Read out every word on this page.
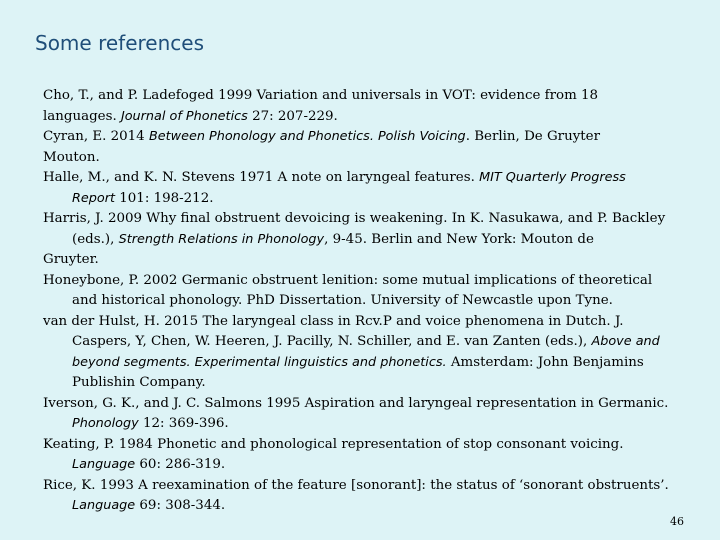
Some references

Cho, T., and P. Ladefoged 1999 Variation and universals in VOT: evidence from 18

languages. Journal of Phonetics 27: 207-229.

Cyran, E. 2014 Between Phonology and Phonetics. Polish Voicing. Berlin, De Gruyter

Mouton.

Halle, M., and K. N. Stevens 1971 A note on laryngeal features. MIT Quarterly Progress

Report 101: 198-212.

Harris, J. 2009 Why final obstruent devoicing is weakening. In K. Nasukawa, and P. Backley

(eds.), Strength Relations in Phonology, 9-45. Berlin and New York: Mouton de

Gruyter.

Honeybone, P. 2002 Germanic obstruent lenition: some mutual implications of theoretical

and historical phonology. PhD Dissertation. University of Newcastle upon Tyne.

van der Hulst, H. 2015 The laryngeal class in Rcv.P and voice phenomena in Dutch. J.

Caspers, Y, Chen, W. Heeren, J. Pacilly, N. Schiller, and E. van Zanten (eds.), Above and

beyond segments. Experimental linguistics and phonetics. Amsterdam: John Benjamins

Publishin Company.

Iverson, G. K., and J. C. Salmons 1995 Aspiration and laryngeal representation in Germanic.

Phonology 12: 369-396.

Keating, P. 1984 Phonetic and phonological representation of stop consonant voicing.

Language 60: 286-319.

Rice, K. 1993 A reexamination of the feature [sonorant]: the status of ‘sonorant obstruents’.

Language 69: 308-344.

46
